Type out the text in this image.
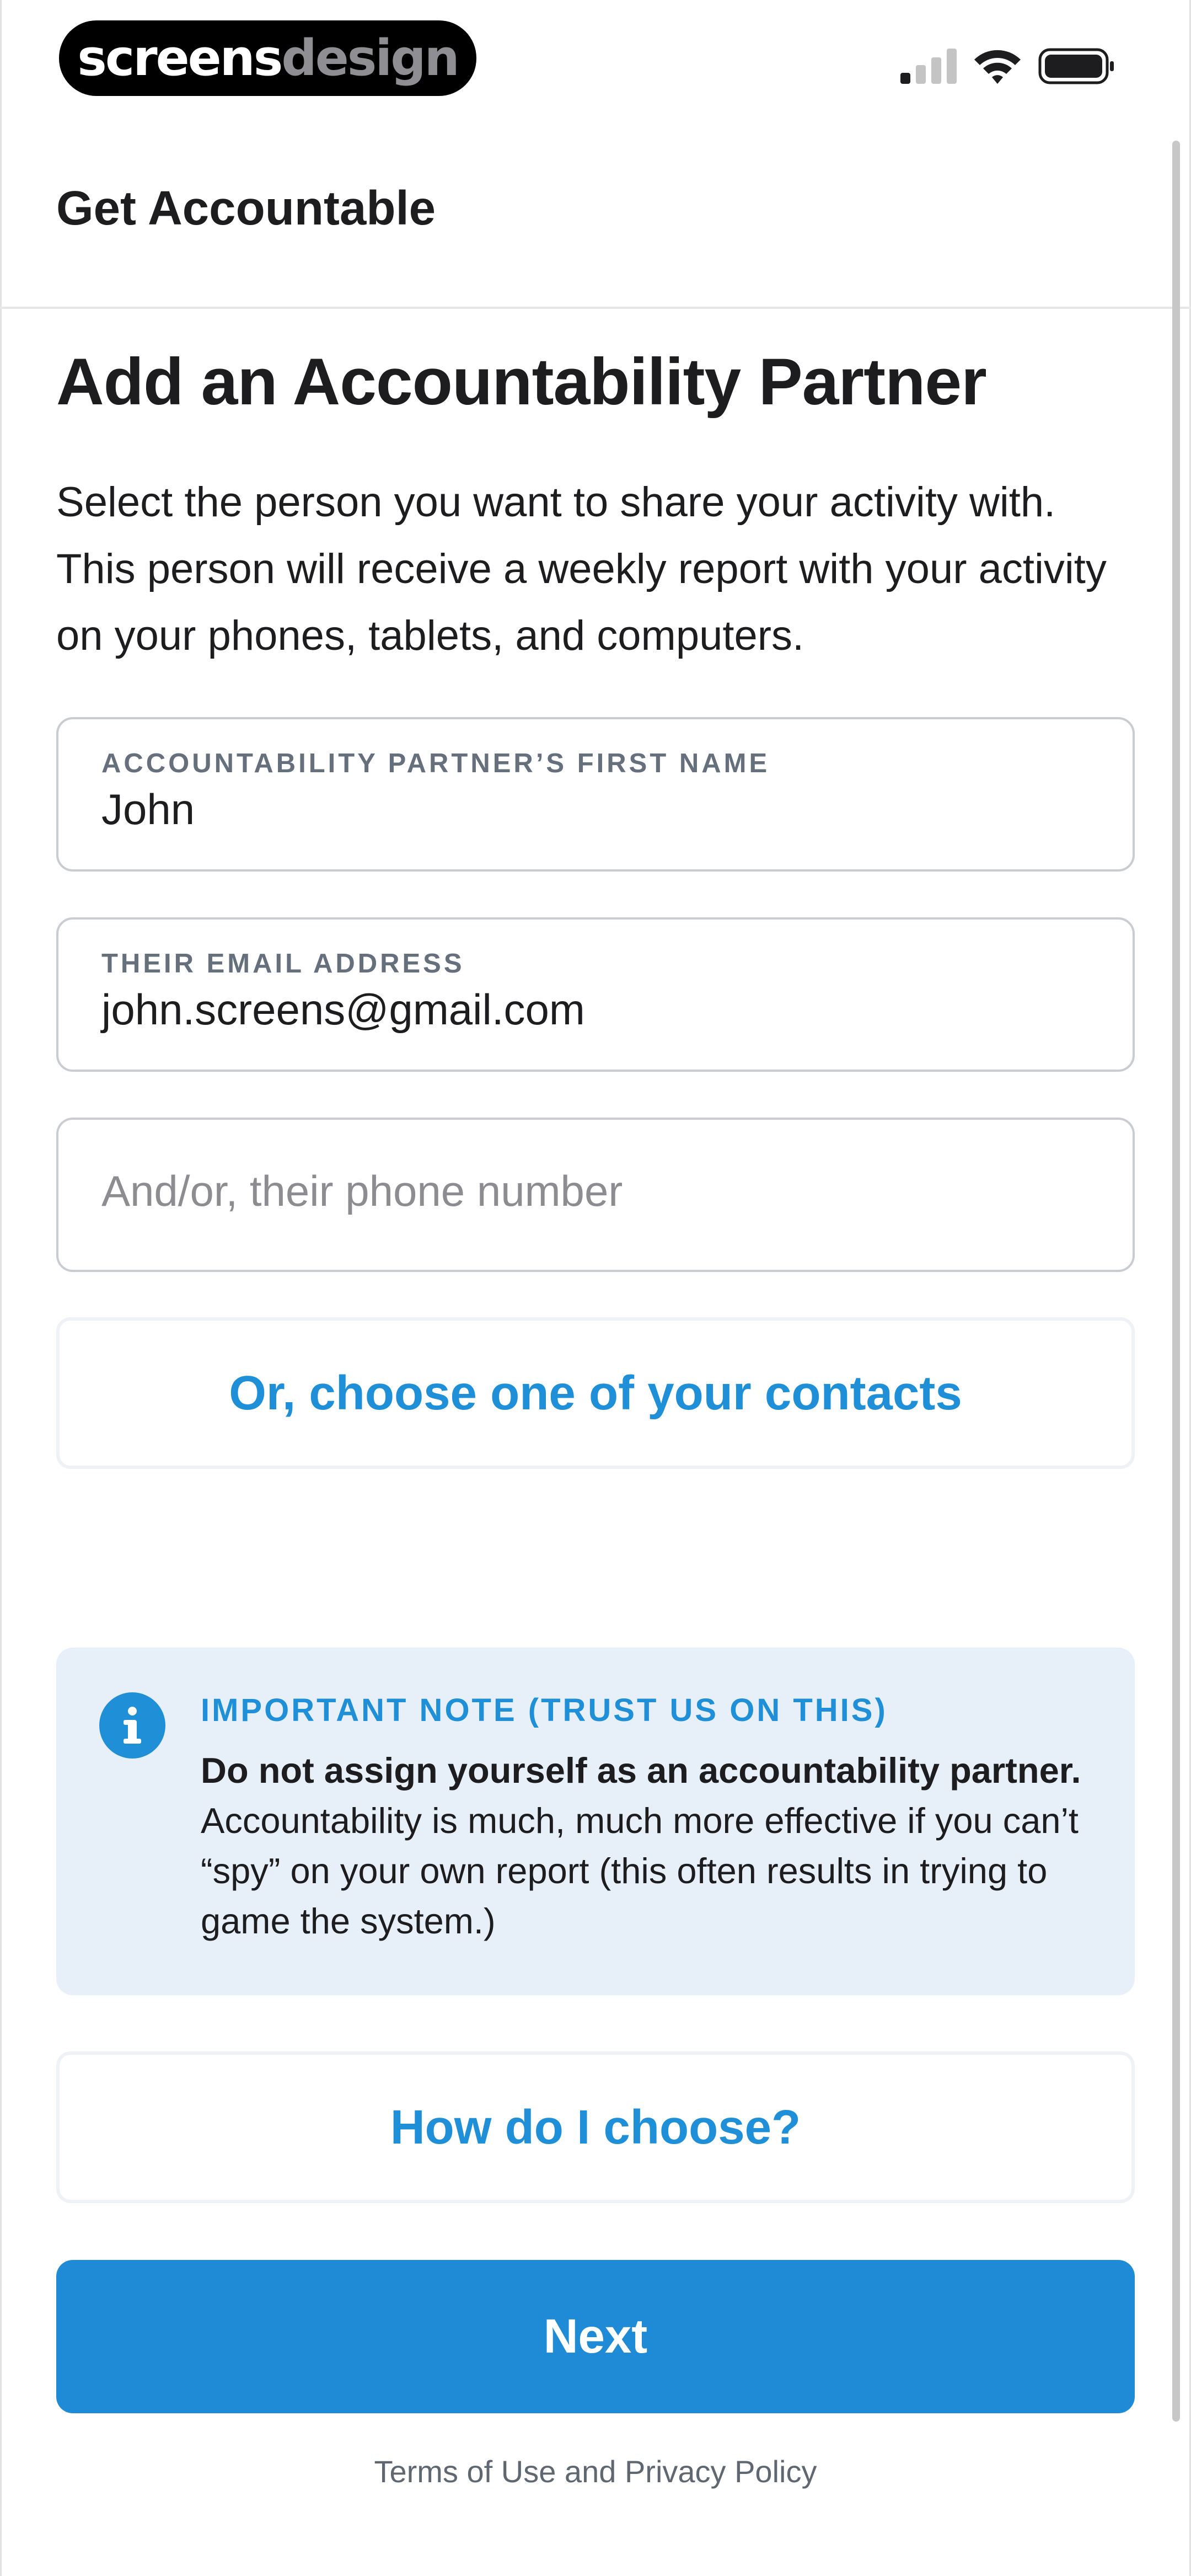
screens design
Get Accountable
Add an Accountability Partner

Select the person you want to share your activity with. This person will receive a weekly report with your activity on your phones, tablets, and computers.

ACCOUNTABILITY PARTNER’S FIRST NAME
John
THEIR EMAIL ADDRESS
john.screens@gmail.com
And/or, their phone number
Or, choose one of your contacts
IMPORTANT NOTE (TRUST US ON THIS)
Do not assign yourself as an accountability partner.
Accountability is much, much more effective if you can’t “spy” on your own report (this often results in trying to game the system.)
How do I choose?
Next
Terms of Use and Privacy Policy
